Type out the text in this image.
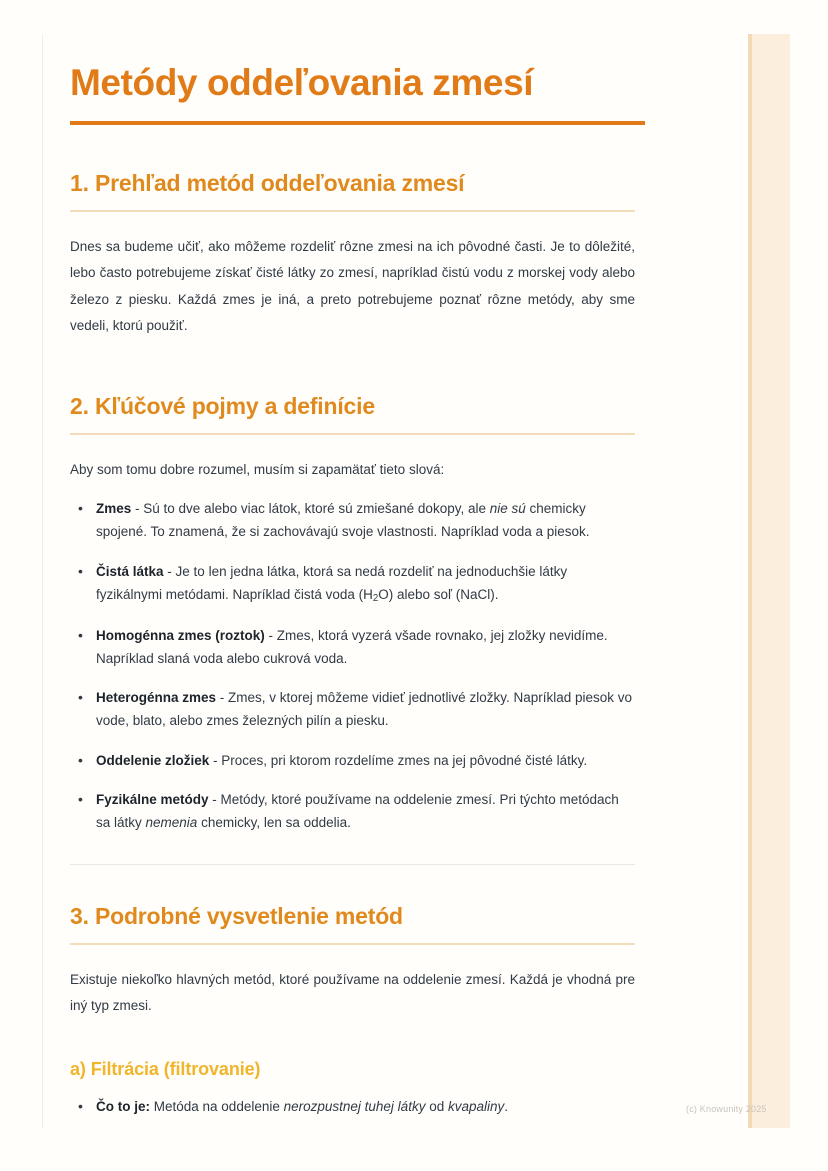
Metódy oddeľovania zmesí
1. Prehľad metód oddeľovania zmesí

Dnes sa budeme učiť, ako môžeme rozdeliť rôzne zmesi na ich pôvodné časti. Je to dôležité, lebo často potrebujeme získať čisté látky zo zmesí, napríklad čistú vodu z morskej vody alebo železo z piesku. Každá zmes je iná, a preto potrebujeme poznať rôzne metódy, aby sme vedeli, ktorú použiť.

2. Kľúčové pojmy a definície

Aby som tomu dobre rozumel, musím si zapamätať tieto slová:

• Zmes - Sú to dve alebo viac látok, ktoré sú zmiešané dokopy, ale nie sú chemicky spojené. To znamená, že si zachovávajú svoje vlastnosti. Napríklad voda a piesok.
• Čistá látka - Je to len jedna látka, ktorá sa nedá rozdeliť na jednoduchšie látky fyzikálnymi metódami. Napríklad čistá voda $(H_2O)$ alebo soľ (NaCl).
• Homogénna zmes (roztok) - Zmes, ktorá vyzerá všade rovnako, jej zložky nevidíme. Napríklad slaná voda alebo cukrová voda.
• Heterogénna zmes - Zmes, v ktorej môžeme vidieť jednotlivé zložky. Napríklad piesok vo vode, blato, alebo zmes železných pilín a piesku.
• Oddelenie zložiek - Proces, pri ktorom rozdelíme zmes na jej pôvodné čisté látky.
• Fyzikálne metódy - Metódy, ktoré používame na oddelenie zmesí. Pri týchto metódach sa látky nemenia chemicky, len sa oddelia.
3. Podrobné vysvetlenie metód

Existuje niekoľko hlavných metód, ktoré používame na oddelenie zmesí. Každá je vhodná pre iný typ zmesi.

a) Filtrácia (filtrovanie)
• Čo to je: Metóda na oddelenie nerozpustnej tuhej látky od kvapaliny.	(c) Knowunity 2025
